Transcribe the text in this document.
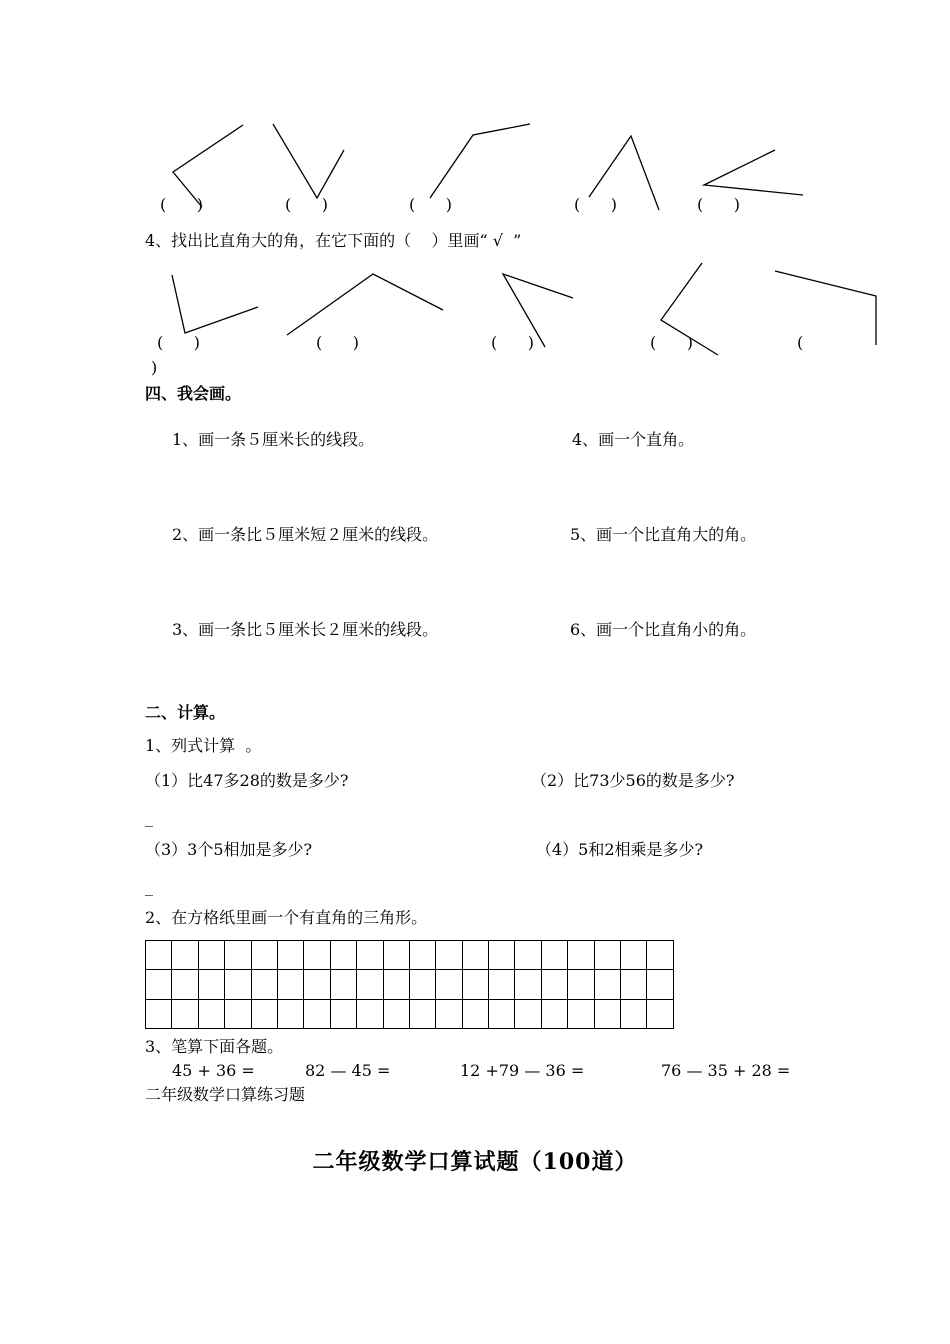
(      )	(      )	(      )	(      )	(      )
4、找出比直角大的角，在它下面的（    ）里画“ √  ”
(      )	(      )	(      )	(      )	(
)
四、我会画。
1、画一条５厘米长的线段。	4、画一个直角。
2、画一条比５厘米短２厘米的线段。	5、画一个比直角大的角。
3、画一条比５厘米长２厘米的线段。	6、画一个比直角小的角。
二、计算。
1、列式计算  。
（1）比47多28的数是多少?	（2）比73少56的数是多少?
_
（3）3个5相加是多少?	（4）5和2相乘是多少?
_
2、在方格纸里画一个有直角的三角形。

3、笔算下面各题。
45 + 36 =	82 — 45 =	12 +79 — 36 =	76 — 35 + 28 =
二年级数学口算练习题
二年级数学口算试题（100道）
